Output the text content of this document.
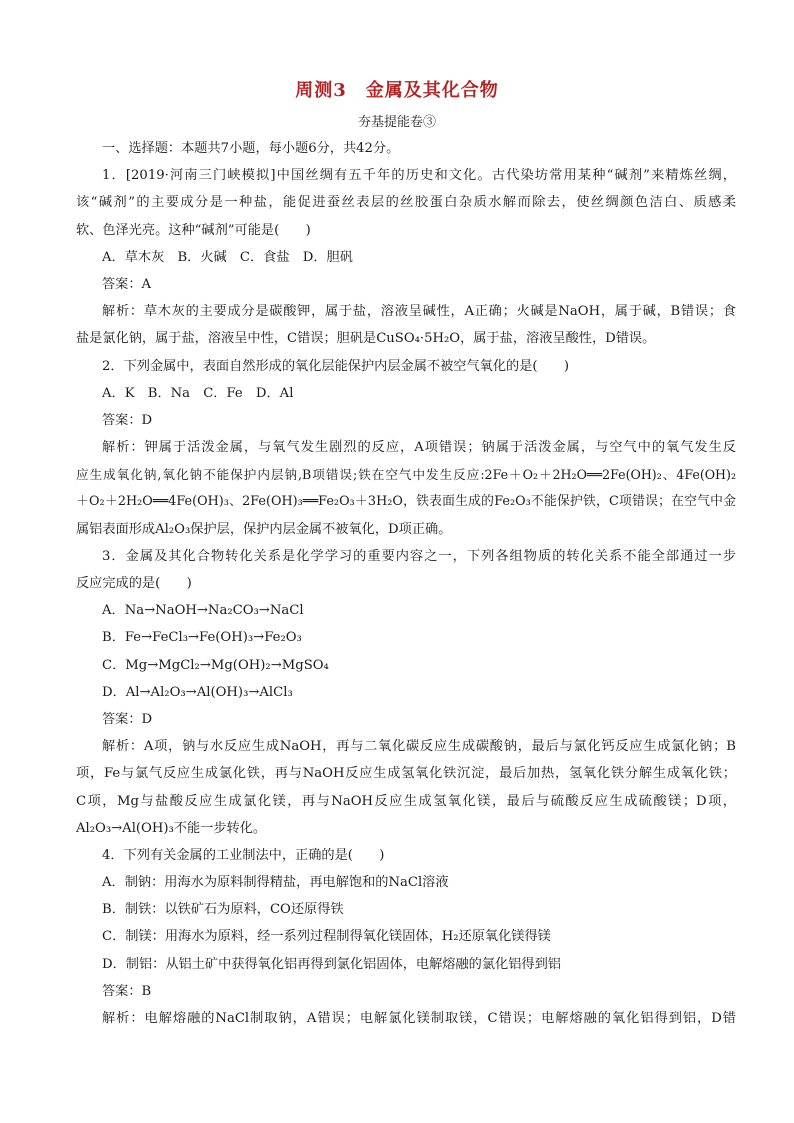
周测3　金属及其化合物
夯基提能卷③
一、选择题：本题共7小题，每小题6分，共42分。
1．[2019·河南三门峡模拟]中国丝绸有五千年的历史和文化。古代染坊常用某种“碱剂”来精炼丝绸，
该“碱剂”的主要成分是一种盐，能促进蚕丝表层的丝胶蛋白杂质水解而除去，使丝绸颜色洁白、质感柔
软、色泽光亮。这种“碱剂”可能是(　　)
A．草木灰　B．火碱　C．食盐　D．胆矾
答案：A
解析：草木灰的主要成分是碳酸钾，属于盐，溶液呈碱性，A正确；火碱是NaOH，属于碱，B错误；食
盐是氯化钠，属于盐，溶液呈中性，C错误；胆矾是CuSO₄·5H₂O，属于盐，溶液呈酸性，D错误。
2．下列金属中，表面自然形成的氧化层能保护内层金属不被空气氧化的是(　　)
A．K　B．Na　C．Fe　D．Al
答案：D
解析：钾属于活泼金属，与氧气发生剧烈的反应，A项错误；钠属于活泼金属，与空气中的氧气发生反
应生成氧化钠,氧化钠不能保护内层钠,B项错误;铁在空气中发生反应:2Fe＋O₂＋2H₂O══2Fe(OH)₂、4Fe(OH)₂
＋O₂＋2H₂O══4Fe(OH)₃、2Fe(OH)₃══Fe₂O₃＋3H₂O，铁表面生成的Fe₂O₃不能保护铁，C项错误；在空气中金
属铝表面形成Al₂O₃保护层，保护内层金属不被氧化，D项正确。
3．金属及其化合物转化关系是化学学习的重要内容之一，下列各组物质的转化关系不能全部通过一步
反应完成的是(　　)
A．Na→NaOH→Na₂CO₃→NaCl
B．Fe→FeCl₃→Fe(OH)₃→Fe₂O₃
C．Mg→MgCl₂→Mg(OH)₂→MgSO₄
D．Al→Al₂O₃→Al(OH)₃→AlCl₃
答案：D
解析：A项，钠与水反应生成NaOH，再与二氧化碳反应生成碳酸钠，最后与氯化钙反应生成氯化钠；B
项，Fe与氯气反应生成氯化铁，再与NaOH反应生成氢氧化铁沉淀，最后加热，氢氧化铁分解生成氧化铁；
C项，Mg与盐酸反应生成氯化镁，再与NaOH反应生成氢氧化镁，最后与硫酸反应生成硫酸镁；D项，
Al₂O₃→Al(OH)₃不能一步转化。
4．下列有关金属的工业制法中，正确的是(　　)
A．制钠：用海水为原料制得精盐，再电解饱和的NaCl溶液
B．制铁：以铁矿石为原料，CO还原得铁
C．制镁：用海水为原料，经一系列过程制得氧化镁固体，H₂还原氧化镁得镁
D．制铝：从铝土矿中获得氧化铝再得到氯化铝固体，电解熔融的氯化铝得到铝
答案：B
解析：电解熔融的NaCl制取钠，A错误；电解氯化镁制取镁，C错误；电解熔融的氧化铝得到铝，D错
